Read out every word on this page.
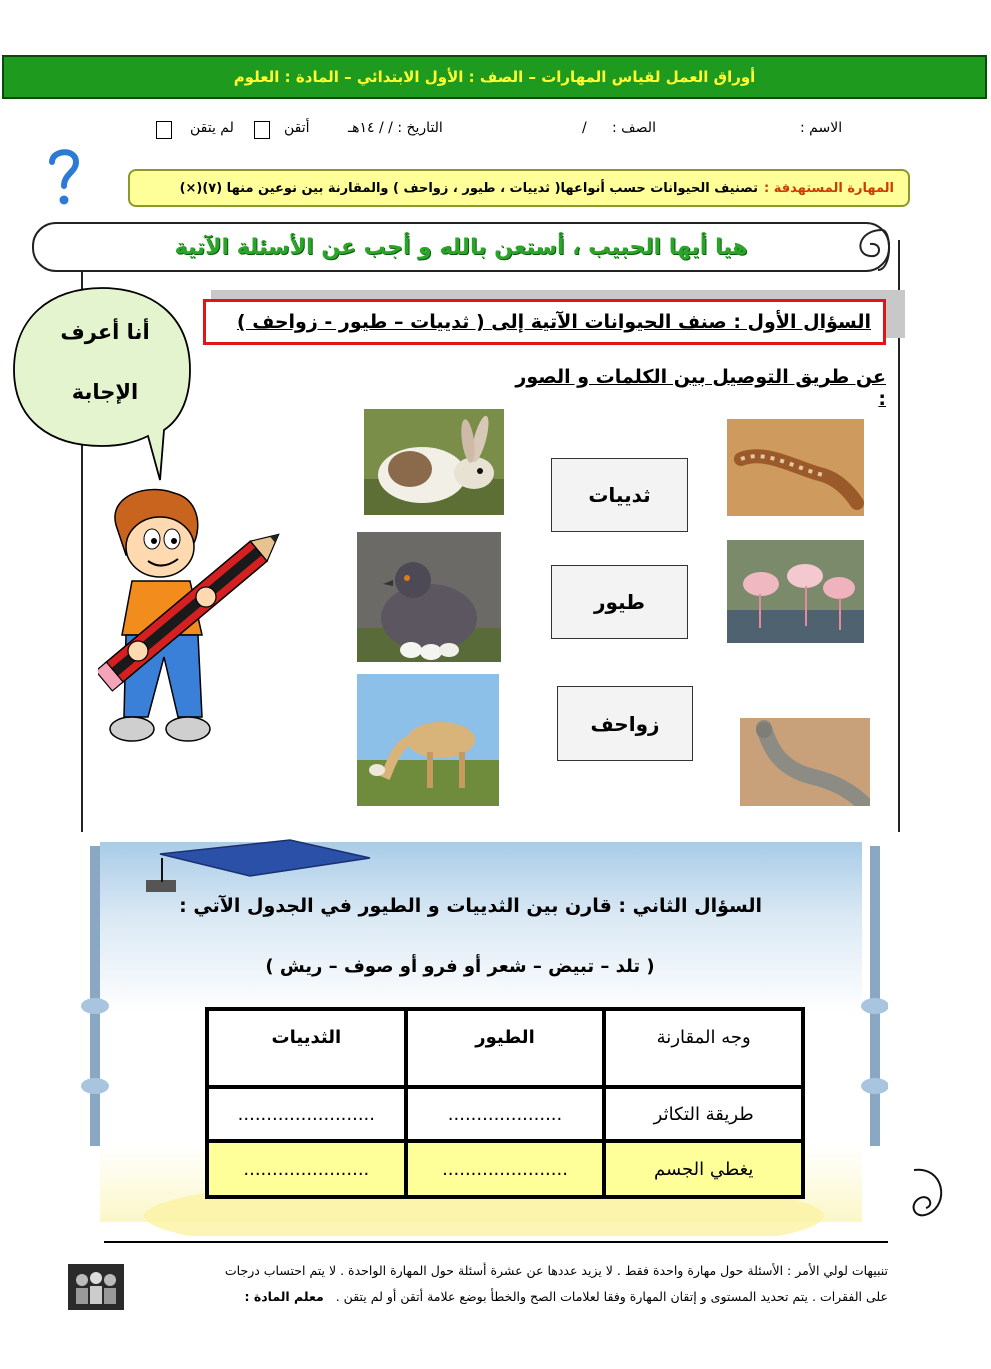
أوراق العمل لقياس المهارات – الصف : الأول الابتدائي – المادة : العلوم
الاسم :
الصف :
/
التاريخ : / / ١٤هـ
أتقن
لم يتقن
المهارة المستهدفة :
تصنيف الحيوانات حسب أنواعها( ثدييات ، طيور ، زواحف ) والمقارنة بين نوعين منها (٧)(×)
هيا أيها الحبيب ، أستعن بالله و أجب عن الأسئلة الآتية
السؤال الأول : صنف الحيوانات الآتية إلى ( ثدييات – طيور - زواحف )
عن طريق التوصيل بين الكلمات و الصور :
أنا أعرف
الإجابة
ثدييات
طيور
زواحف
السؤال الثاني : قارن بين الثدييات و الطيور في الجدول الآتي :
( تلد – تبيض – شعر أو فرو أو صوف – ريش )
وجه المقارنة	الطيور	الثدييات
طريقة التكاثر	....................	........................
يغطي الجسم	......................	......................
تنبيهات لولي الأمر : الأسئلة حول مهارة واحدة فقط . لا يزيد عددها عن عشرة أسئلة حول المهارة الواحدة . لا يتم احتساب درجات
على الفقرات . يتم تحديد المستوى و إتقان المهارة وفقا لعلامات الصح والخطأ بوضع علامة أتقن أو لم يتقن . معلم المادة :
